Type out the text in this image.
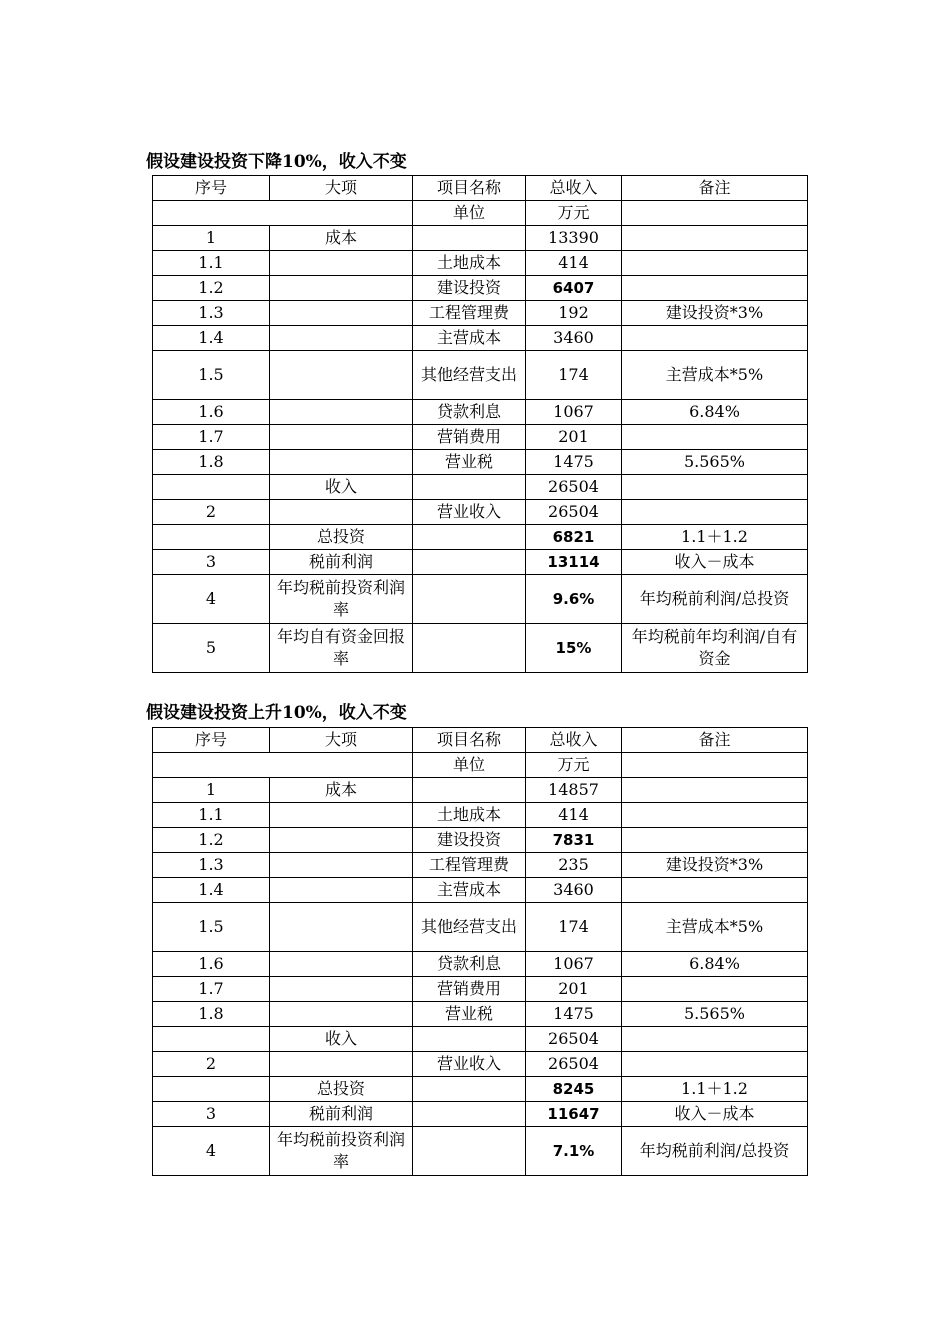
假设建设投资下降10%，收入不变
序号	大项	项目名称	总收入	备注
		单位	万元	
1	成本		13390	
1.1		土地成本	414	
1.2		建设投资	6407	
1.3		工程管理费	192	建设投资*3%
1.4		主营成本	3460	
1.5		其他经营支出	174	主营成本*5%
1.6		贷款利息	1067	6.84%
1.7		营销费用	201	
1.8		营业税	1475	5.565%
	收入		26504	
2		营业收入	26504	
	总投资		6821	1.1＋1.2
3	税前利润		13114	收入－成本
4	年均税前投资利润率		9.6%	年均税前利润/总投资
5	年均自有资金回报率		15%	年均税前年均利润/自有资金
假设建设投资上升10%，收入不变
序号	大项	项目名称	总收入	备注
		单位	万元	
1	成本		14857	
1.1		土地成本	414	
1.2		建设投资	7831	
1.3		工程管理费	235	建设投资*3%
1.4		主营成本	3460	
1.5		其他经营支出	174	主营成本*5%
1.6		贷款利息	1067	6.84%
1.7		营销费用	201	
1.8		营业税	1475	5.565%
	收入		26504	
2		营业收入	26504	
	总投资		8245	1.1＋1.2
3	税前利润		11647	收入－成本
4	年均税前投资利润率		7.1%	年均税前利润/总投资
